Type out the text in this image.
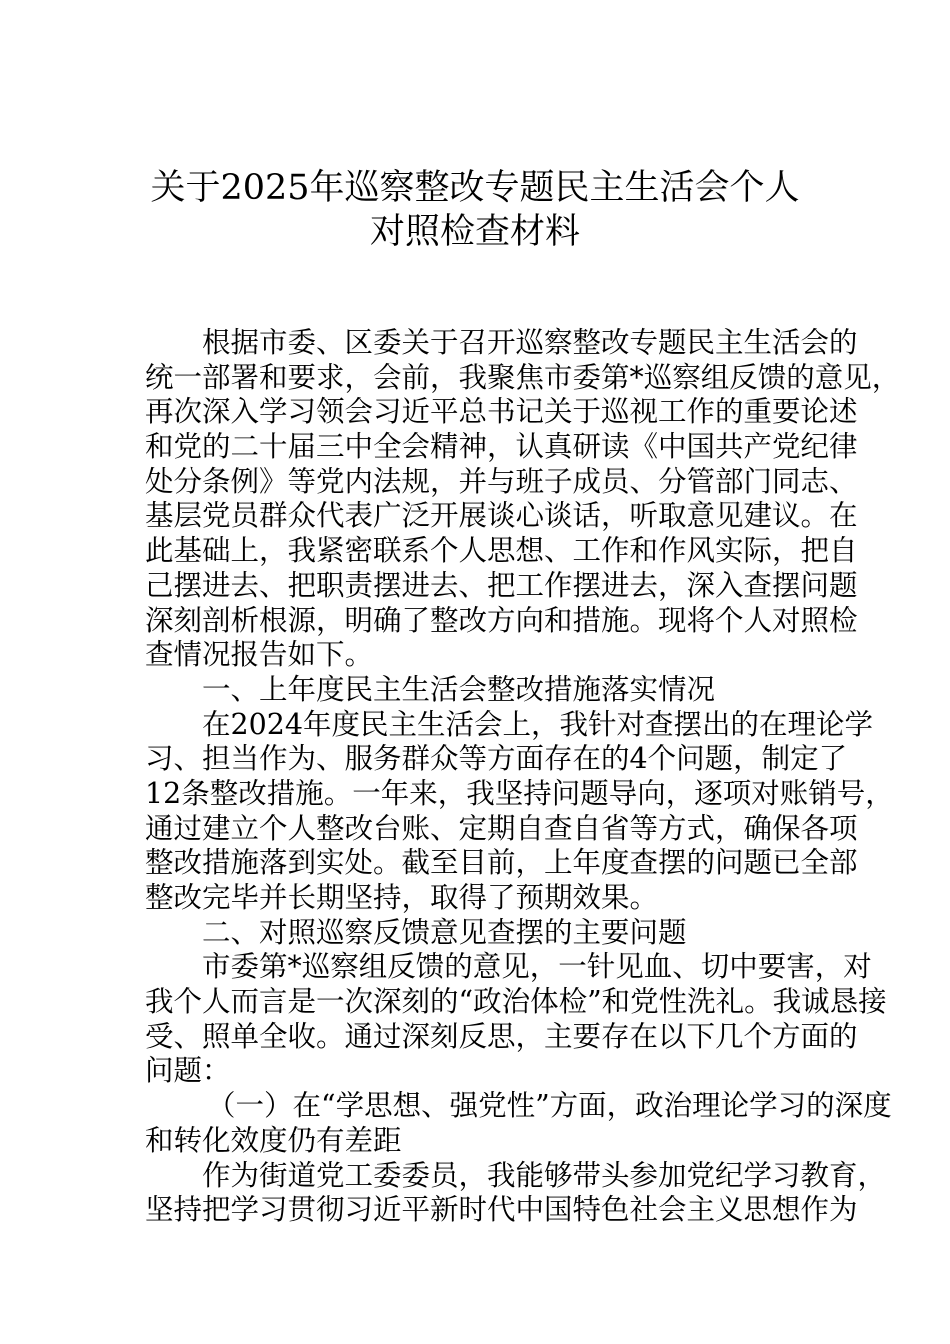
关于2025年巡察整改专题民主生活会个人
对照检查材料
根据市委、区委关于召开巡察整改专题民主生活会的
统一部署和要求，会前，我聚焦市委第*巡察组反馈的意见，
再次深入学习领会习近平总书记关于巡视工作的重要论述
和党的二十届三中全会精神，认真研读《中国共产党纪律
处分条例》等党内法规，并与班子成员、分管部门同志、
基层党员群众代表广泛开展谈心谈话，听取意见建议。在
此基础上，我紧密联系个人思想、工作和作风实际，把自
己摆进去、把职责摆进去、把工作摆进去，深入查摆问题
深刻剖析根源，明确了整改方向和措施。现将个人对照检
查情况报告如下。
一、上年度民主生活会整改措施落实情况
在2024年度民主生活会上，我针对查摆出的在理论学
习、担当作为、服务群众等方面存在的4个问题，制定了
12条整改措施。一年来，我坚持问题导向，逐项对账销号，
通过建立个人整改台账、定期自查自省等方式，确保各项
整改措施落到实处。截至目前，上年度查摆的问题已全部
整改完毕并长期坚持，取得了预期效果。
二、对照巡察反馈意见查摆的主要问题
市委第*巡察组反馈的意见，一针见血、切中要害，对
我个人而言是一次深刻的“政治体检”和党性洗礼。我诚恳接
受、照单全收。通过深刻反思，主要存在以下几个方面的
问题：
（一）在“学思想、强党性”方面，政治理论学习的深度
和转化效度仍有差距
作为街道党工委委员，我能够带头参加党纪学习教育，
坚持把学习贯彻习近平新时代中国特色社会主义思想作为
